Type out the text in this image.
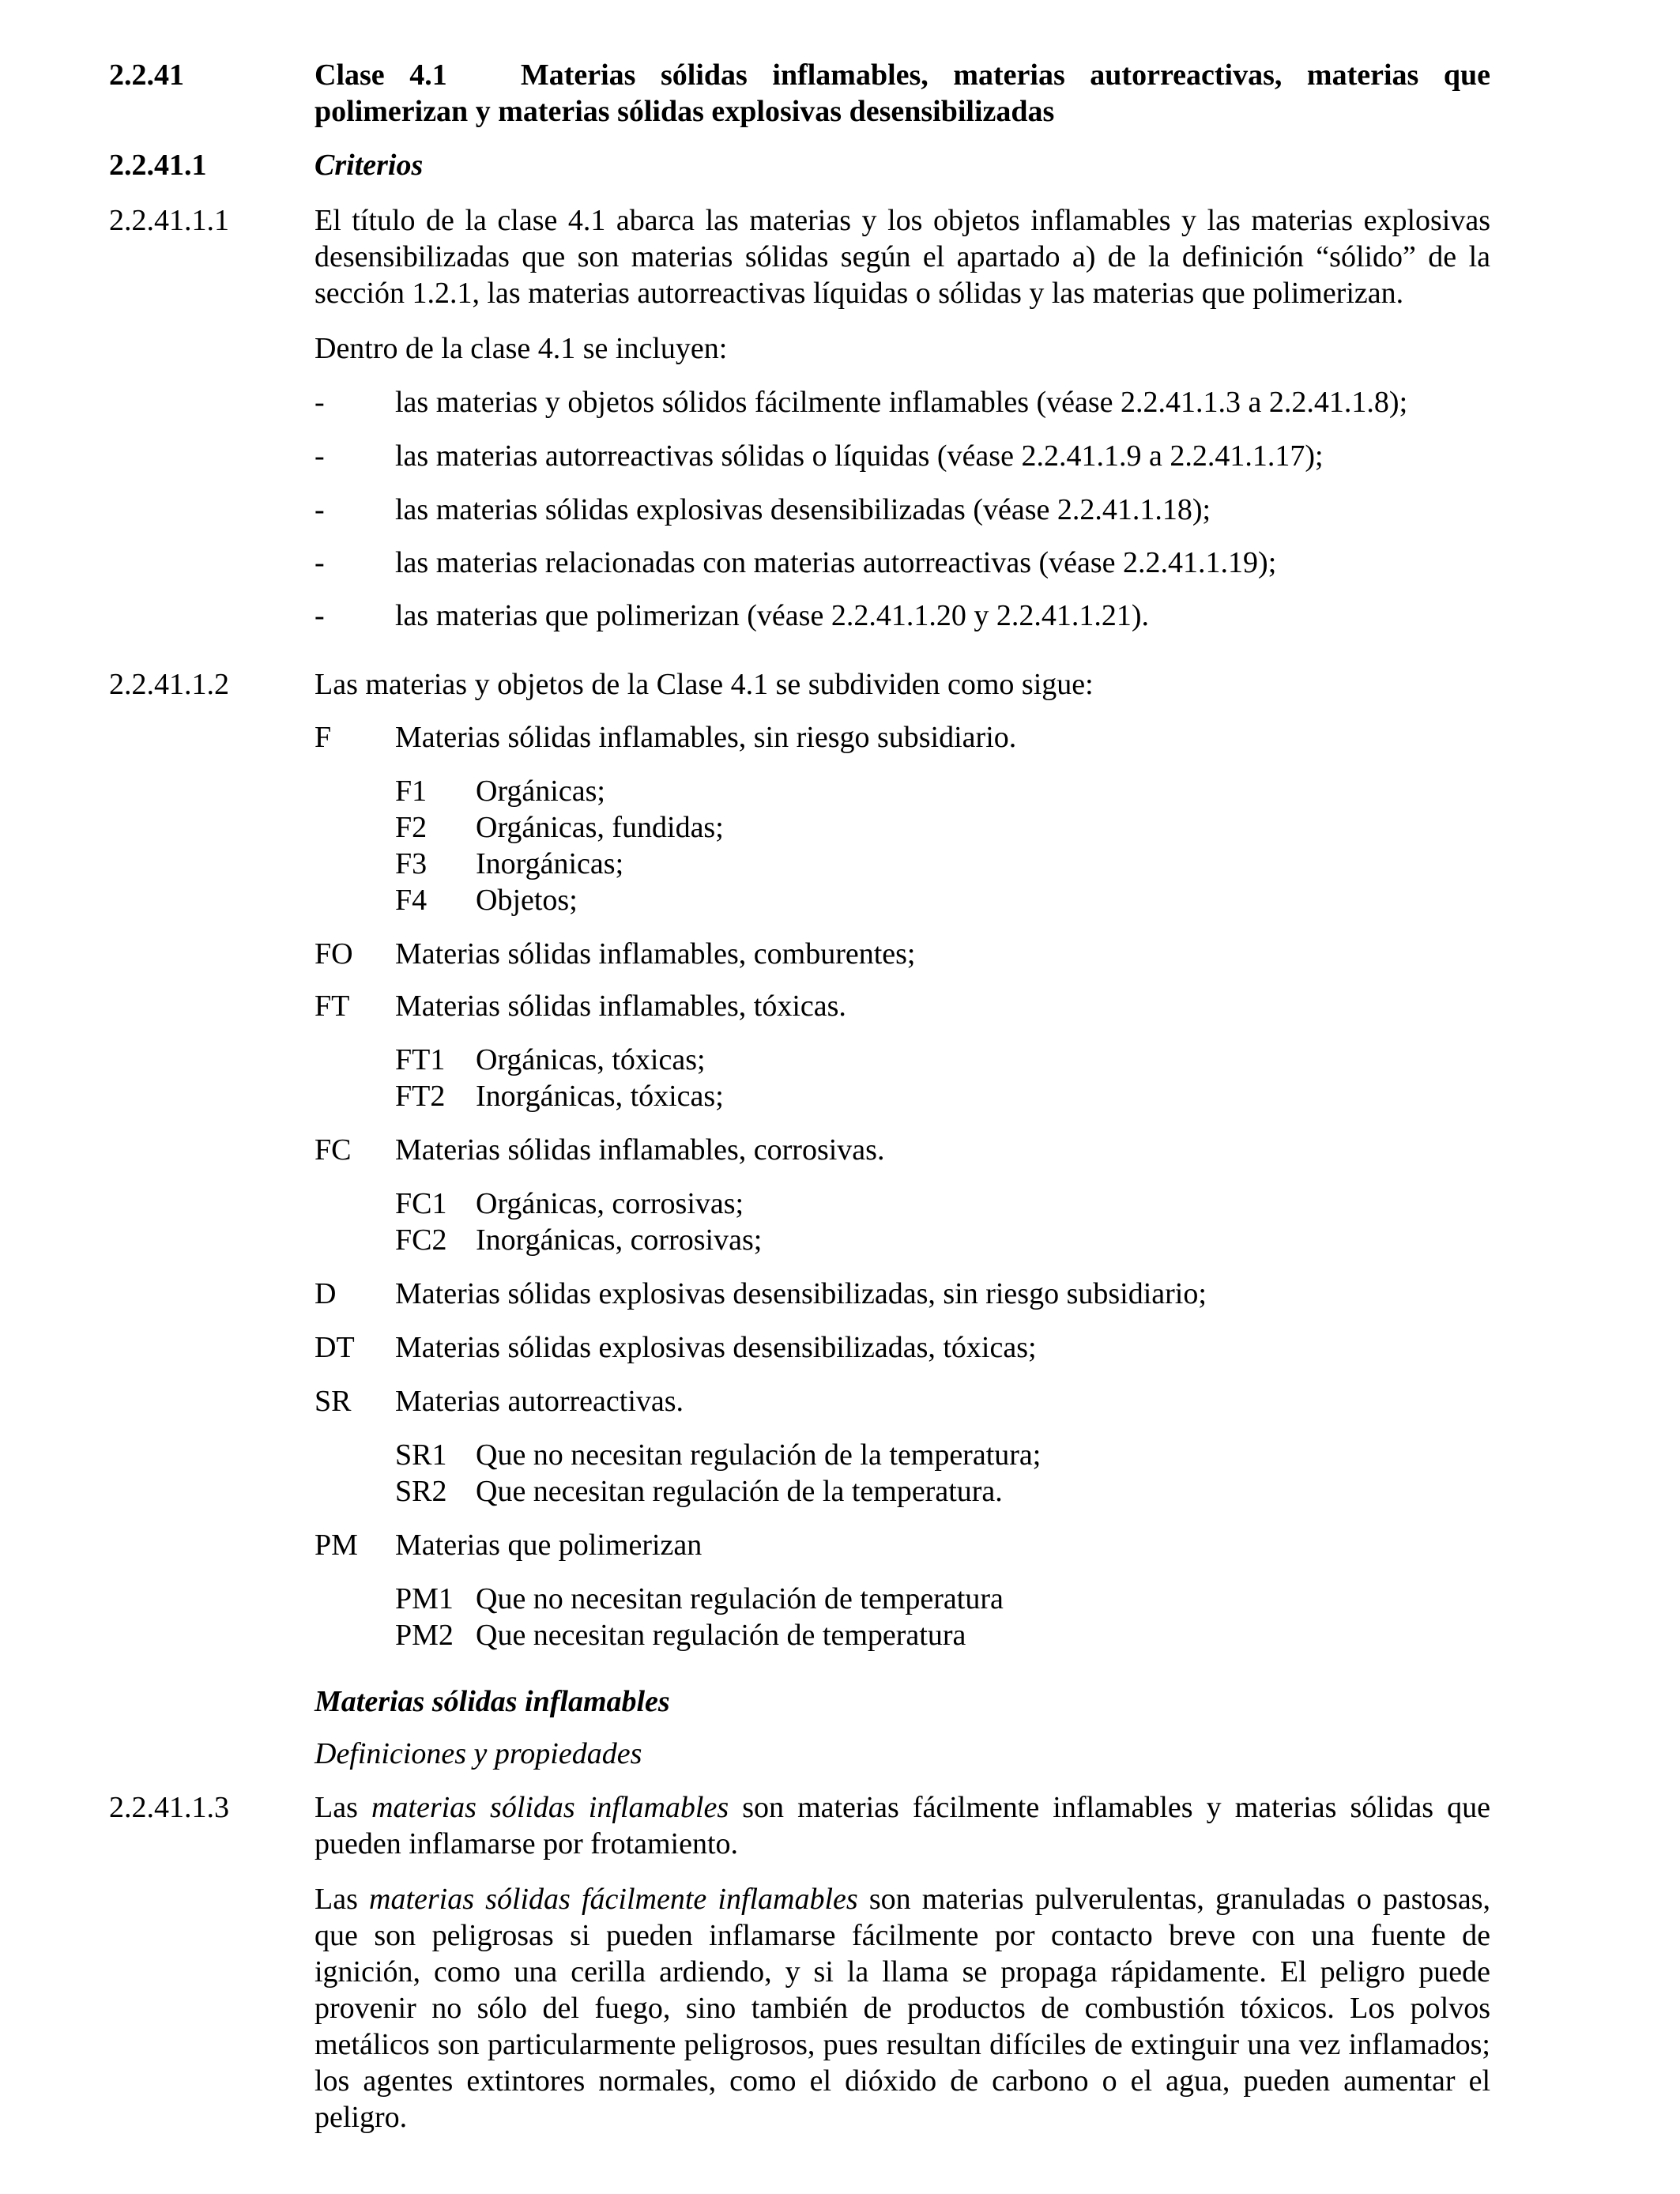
2.2.41	Clase 4.1 Materias sólidas inflamables, materias autorreactivas, materias que
polimerizan y materias sólidas explosivas desensibilizadas
2.2.41.1	Criterios
2.2.41.1.1	El título de la clase 4.1 abarca las materias y los objetos inflamables y las materias explosivas desensibilizadas que son materias sólidas según el apartado a) de la definición “sólido” de la sección 1.2.1, las materias autorreactivas líquidas o sólidas y las materias que polimerizan.
Dentro de la clase 4.1 se incluyen:
- las materias y objetos sólidos fácilmente inflamables (véase 2.2.41.1.3 a 2.2.41.1.8);
- las materias autorreactivas sólidas o líquidas (véase 2.2.41.1.9 a 2.2.41.1.17);
- las materias sólidas explosivas desensibilizadas (véase 2.2.41.1.18);
- las materias relacionadas con materias autorreactivas (véase 2.2.41.1.19);
- las materias que polimerizan (véase 2.2.41.1.20 y 2.2.41.1.21).
2.2.41.1.2	Las materias y objetos de la Clase 4.1 se subdividen como sigue:
F Materias sólidas inflamables, sin riesgo subsidiario.
F1 Orgánicas;
F2 Orgánicas, fundidas;
F3 Inorgánicas;
F4 Objetos;
FO Materias sólidas inflamables, comburentes;
FT Materias sólidas inflamables, tóxicas.
FT1 Orgánicas, tóxicas;
FT2 Inorgánicas, tóxicas;
FC Materias sólidas inflamables, corrosivas.
FC1 Orgánicas, corrosivas;
FC2 Inorgánicas, corrosivas;
D Materias sólidas explosivas desensibilizadas, sin riesgo subsidiario;
DT Materias sólidas explosivas desensibilizadas, tóxicas;
SR Materias autorreactivas.
SR1 Que no necesitan regulación de la temperatura;
SR2 Que necesitan regulación de la temperatura.
PM Materias que polimerizan
PM1 Que no necesitan regulación de temperatura
PM2 Que necesitan regulación de temperatura
Materias sólidas inflamables
Definiciones y propiedades
2.2.41.1.3	Las materias sólidas inflamables son materias fácilmente inflamables y materias sólidas que pueden inflamarse por frotamiento.
Las materias sólidas fácilmente inflamables son materias pulverulentas, granuladas o pastosas, que son peligrosas si pueden inflamarse fácilmente por contacto breve con una fuente de ignición, como una cerilla ardiendo, y si la llama se propaga rápidamente. El peligro puede provenir no sólo del fuego, sino también de productos de combustión tóxicos. Los polvos metálicos son particularmente peligrosos, pues resultan difíciles de extinguir una vez inflamados; los agentes extintores normales, como el dióxido de carbono o el agua, pueden aumentar el peligro.
